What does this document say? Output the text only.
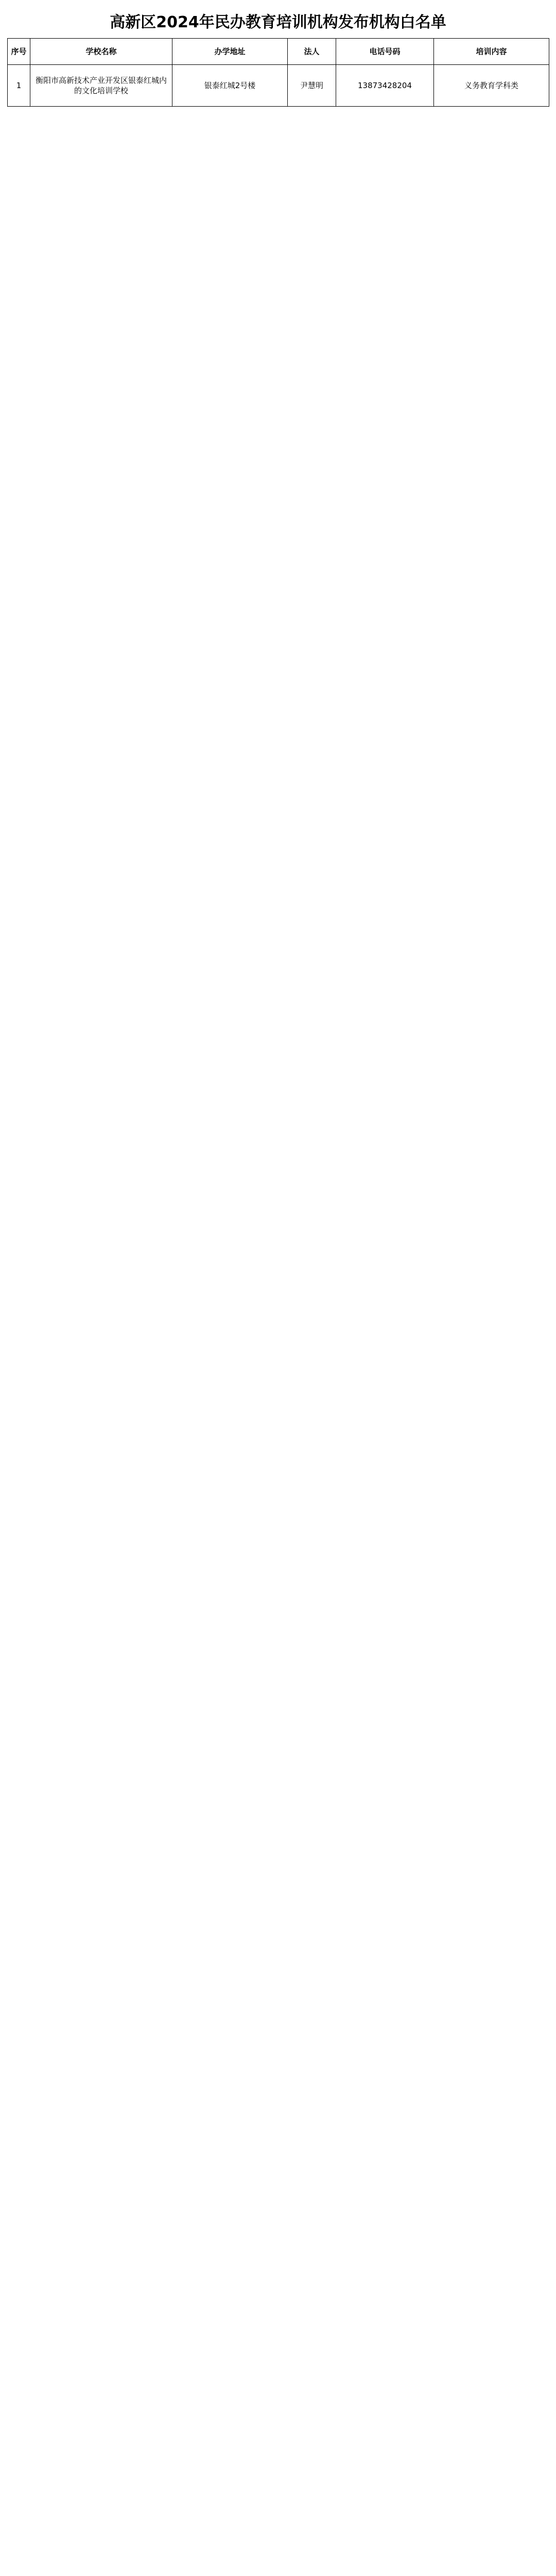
高新区2024年民办教育培训机构发布机构白名单
序号	学校名称	办学地址	法人	电话号码	培训内容
1	衡阳市高新技术产业开发区银泰红城内的文化培训学校	银泰红城2号楼	尹慧明	13873428204	义务教育学科类
